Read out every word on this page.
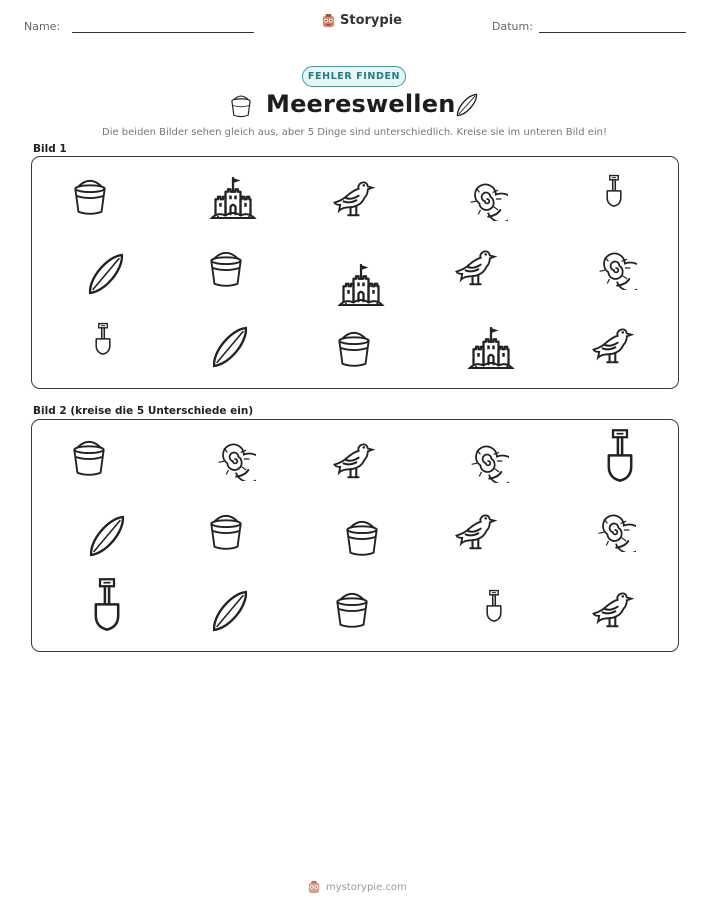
Name:	Storypie	Datum:
FEHLER FINDEN
Meereswellen
Die beiden Bilder sehen gleich aus, aber 5 Dinge sind unterschiedlich. Kreise sie im unteren Bild ein!
Bild 1
Bild 2 (kreise die 5 Unterschiede ein)
mystorypie.com
